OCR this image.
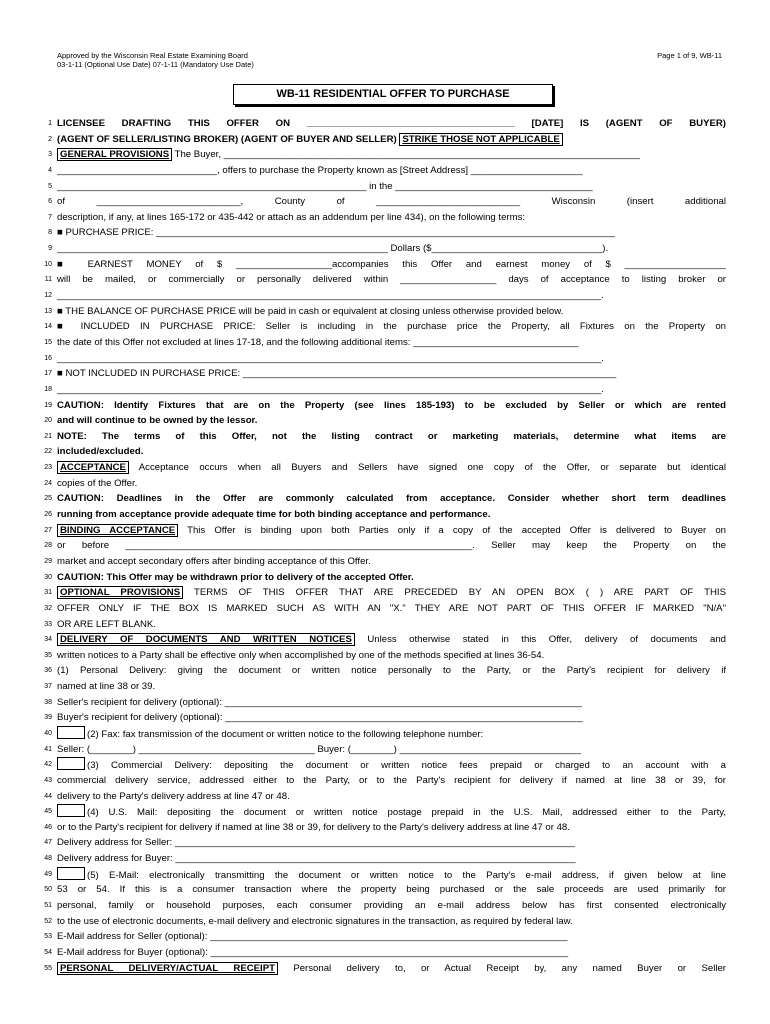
Approved by the Wisconsin Real Estate Examining Board
03-1-11 (Optional Use Date) 07-1-11 (Mandatory Use Date)
Page 1 of 9, WB-11
WB-11 RESIDENTIAL OFFER TO PURCHASE
1 LICENSEE DRAFTING THIS OFFER ON _______________________________________ [DATE] IS (AGENT OF BUYER)
2 (AGENT OF SELLER/LISTING BROKER) (AGENT OF BUYER AND SELLER) STRIKE THOSE NOT APPLICABLE
3 GENERAL PROVISIONS The Buyer, ______________________________________________________________________________
4 ______________________________, offers to purchase the Property known as [Street Address] _____________________
5 __________________________________________________________ in the _____________________________________
6 of ___________________________, County of ___________________________ Wisconsin (insert additional
7 description, if any, at lines 165-172 or 435-442 or attach as an addendum per line 434), on the following terms:
8 ■ PURCHASE PRICE: ______________________________________________________________________________________
9 ______________________________________________________________ Dollars ($________________________________).
10 ■ EARNEST MONEY of $ __________________accompanies this Offer and earnest money of $ ___________________
11 will be mailed, or commercially or personally delivered within __________________ days of acceptance to listing broker or
12 ______________________________________________________________________________________________________.
13 ■ THE BALANCE OF PURCHASE PRICE will be paid in cash or equivalent at closing unless otherwise provided below.
14 ■ INCLUDED IN PURCHASE PRICE: Seller is including in the purchase price the Property, all Fixtures on the Property on
15 the date of this Offer not excluded at lines 17-18, and the following additional items: _______________________________
16 ______________________________________________________________________________________________________.
17 ■ NOT INCLUDED IN PURCHASE PRICE: ______________________________________________________________________
18 ______________________________________________________________________________________________________.
19 CAUTION: Identify Fixtures that are on the Property (see lines 185-193) to be excluded by Seller or which are rented
20 and will continue to be owned by the lessor.
21 NOTE: The terms of this Offer, not the listing contract or marketing materials, determine what items are
22 included/excluded.
23 ACCEPTANCE Acceptance occurs when all Buyers and Sellers have signed one copy of the Offer, or separate but identical
24 copies of the Offer.
25 CAUTION: Deadlines in the Offer are commonly calculated from acceptance. Consider whether short term deadlines
26 running from acceptance provide adequate time for both binding acceptance and performance.
27 BINDING ACCEPTANCE This Offer is binding upon both Parties only if a copy of the accepted Offer is delivered to Buyer on
28 or before _________________________________________________________________. Seller may keep the Property on the
29 market and accept secondary offers after binding acceptance of this Offer.
30 CAUTION: This Offer may be withdrawn prior to delivery of the accepted Offer.
31 OPTIONAL PROVISIONS TERMS OF THIS OFFER THAT ARE PRECEDED BY AN OPEN BOX ( ) ARE PART OF THIS
32 OFFER ONLY IF THE BOX IS MARKED SUCH AS WITH AN "X." THEY ARE NOT PART OF THIS OFFER IF MARKED "N/A"
33 OR ARE LEFT BLANK.
34 DELIVERY OF DOCUMENTS AND WRITTEN NOTICES Unless otherwise stated in this Offer, delivery of documents and
35 written notices to a Party shall be effective only when accomplished by one of the methods specified at lines 36-54.
36 (1) Personal Delivery: giving the document or written notice personally to the Party, or the Party's recipient for delivery if
37 named at line 38 or 39.
38 Seller's recipient for delivery (optional): ___________________________________________________________________
39 Buyer's recipient for delivery (optional): ___________________________________________________________________
40	(2) Fax: fax transmission of the document or written notice to the following telephone number:
41 Seller: (________) _________________________________ Buyer: (________) __________________________________
42	(3) Commercial Delivery: depositing the document or written notice fees prepaid or charged to an account with a
43 commercial delivery service, addressed either to the Party, or to the Party's recipient for delivery if named at line 38 or 39, for
44 delivery to the Party's delivery address at line 47 or 48.
45	(4) U.S. Mail: depositing the document or written notice postage prepaid in the U.S. Mail, addressed either to the Party,
46 or to the Party's recipient for delivery if named at line 38 or 39, for delivery to the Party's delivery address at line 47 or 48.
47 Delivery address for Seller: ___________________________________________________________________________
48 Delivery address for Buyer: ___________________________________________________________________________
49	(5) E-Mail: electronically transmitting the document or written notice to the Party's e-mail address, if given below at line
50 53 or 54. If this is a consumer transaction where the property being purchased or the sale proceeds are used primarily for
51 personal, family or household purposes, each consumer providing an e-mail address below has first consented electronically
52 to the use of electronic documents, e-mail delivery and electronic signatures in the transaction, as required by federal law.
53 E-Mail address for Seller (optional): ___________________________________________________________________
54 E-Mail address for Buyer (optional): ___________________________________________________________________
55 PERSONAL DELIVERY/ACTUAL RECEIPT Personal delivery to, or Actual Receipt by, any named Buyer or Seller
